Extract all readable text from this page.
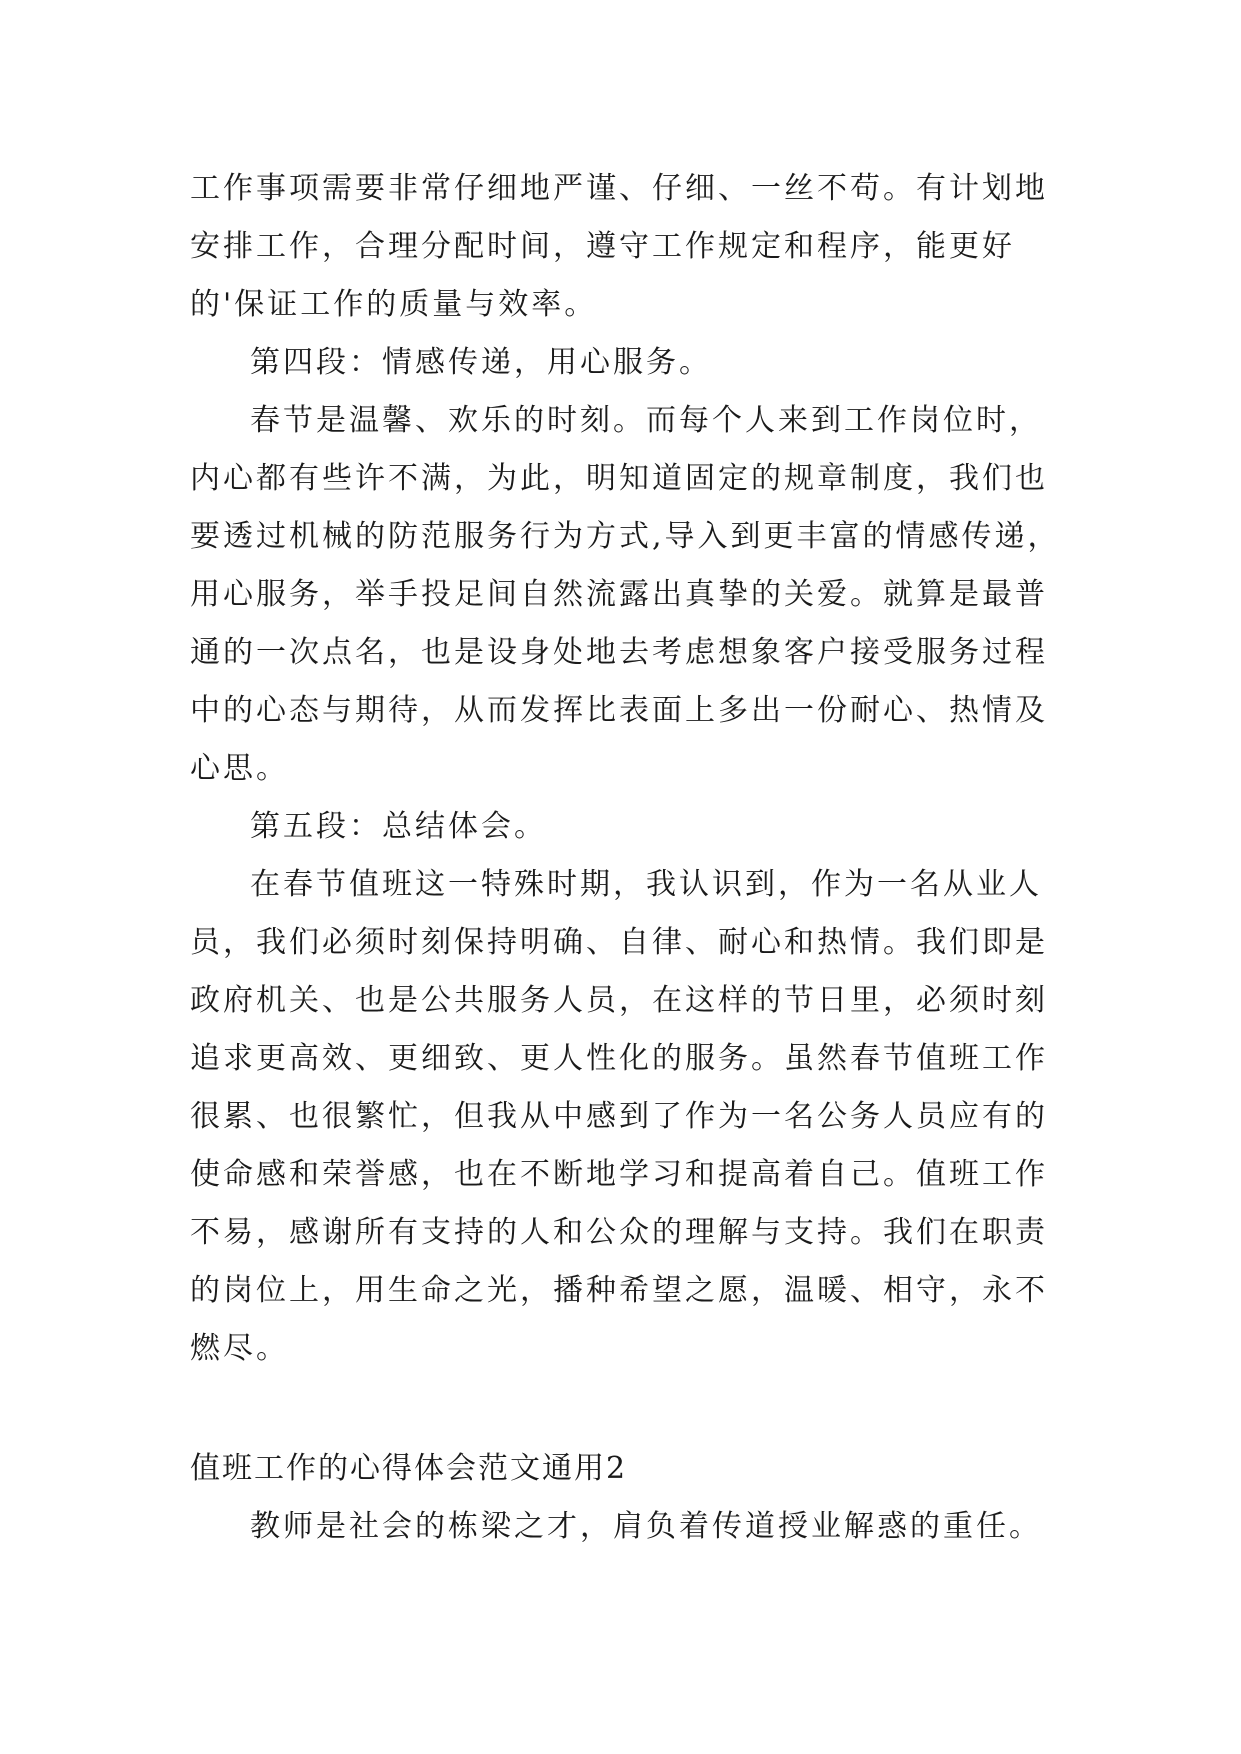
工作事项需要非常仔细地严谨、仔细、一丝不苟。有计划地安排工作，合理分配时间，遵守工作规定和程序，能更好的'保证工作的质量与效率。

第四段：情感传递，用心服务。

春节是温馨、欢乐的时刻。而每个人来到工作岗位时，内心都有些许不满，为此，明知道固定的规章制度，我们也要透过机械的防范服务行为方式,导入到更丰富的情感传递，用心服务，举手投足间自然流露出真挚的关爱。就算是最普通的一次点名，也是设身处地去考虑想象客户接受服务过程中的心态与期待，从而发挥比表面上多出一份耐心、热情及心思。

第五段：总结体会。

在春节值班这一特殊时期，我认识到，作为一名从业人员，我们必须时刻保持明确、自律、耐心和热情。我们即是政府机关、也是公共服务人员，在这样的节日里，必须时刻追求更高效、更细致、更人性化的服务。虽然春节值班工作很累、也很繁忙，但我从中感到了作为一名公务人员应有的使命感和荣誉感，也在不断地学习和提高着自己。值班工作不易，感谢所有支持的人和公众的理解与支持。我们在职责的岗位上，用生命之光，播种希望之愿，温暖、相守，永不燃尽。

值班工作的心得体会范文通用2

教师是社会的栋梁之才，肩负着传道授业解惑的重任。
